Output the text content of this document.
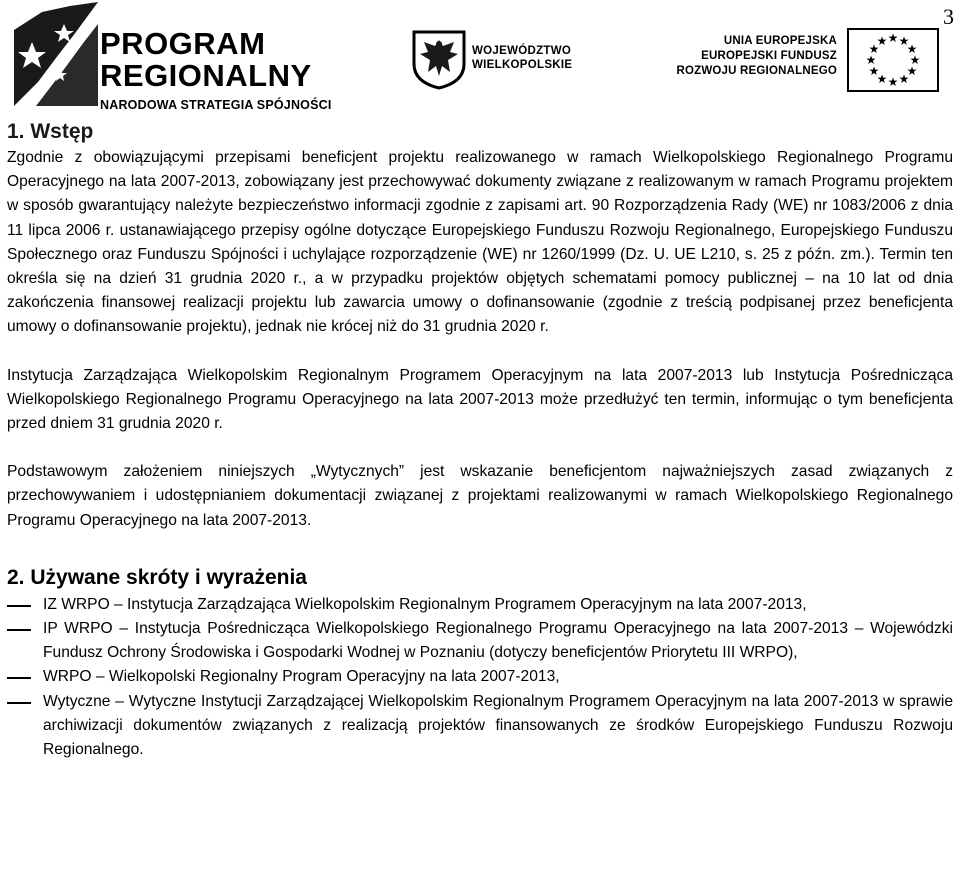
3
PROGRAM
REGIONALNY
NARODOWA STRATEGIA SPÓJNOŚCI
WOJEWÓDZTWO
WIELKOPOLSKIE
UNIA EUROPEJSKA
EUROPEJSKI FUNDUSZ
ROZWOJU REGIONALNEGO
★ ★
★
★
★
★
★
★
★
★
★
★
1. Wstęp

Zgodnie z obowiązującymi przepisami beneficjent projektu realizowanego w ramach Wielkopolskiego Regionalnego Programu Operacyjnego na lata 2007-2013, zobowiązany jest przechowywać dokumenty związane z realizowanym w ramach Programu projektem w sposób gwarantujący należyte bezpieczeństwo informacji zgodnie z zapisami art. 90 Rozporządzenia Rady (WE) nr 1083/2006 z dnia 11 lipca 2006 r. ustanawiającego przepisy ogólne dotyczące Europejskiego Funduszu Rozwoju Regionalnego, Europejskiego Funduszu Społecznego oraz Funduszu Spójności i uchylające rozporządzenie (WE) nr 1260/1999 (Dz. U. UE L210, s. 25 z późn. zm.). Termin ten określa się na dzień 31 grudnia 2020 r., a w przypadku projektów objętych schematami pomocy publicznej – na 10 lat od dnia zakończenia finansowej realizacji projektu lub zawarcia umowy o dofinansowanie (zgodnie z treścią podpisanej przez beneficjenta umowy o dofinansowanie projektu), jednak nie krócej niż do 31 grudnia 2020 r.

Instytucja Zarządzająca Wielkopolskim Regionalnym Programem Operacyjnym na lata 2007-2013 lub Instytucja Pośrednicząca Wielkopolskiego Regionalnego Programu Operacyjnego na lata 2007-2013 może przedłużyć ten termin, informując o tym beneficjenta przed dniem 31 grudnia 2020 r.

Podstawowym założeniem niniejszych „Wytycznych” jest wskazanie beneficjentom najważniejszych zasad związanych z przechowywaniem i udostępnianiem dokumentacji związanej z projektami realizowanymi w ramach Wielkopolskiego Regionalnego Programu Operacyjnego na lata 2007-2013.

2. Używane skróty i wyrażenia
IZ WRPO – Instytucja Zarządzająca Wielkopolskim Regionalnym Programem Operacyjnym na lata 2007-2013,
IP WRPO – Instytucja Pośrednicząca Wielkopolskiego Regionalnego Programu Operacyjnego na lata 2007-2013 – Wojewódzki Fundusz Ochrony Środowiska i Gospodarki Wodnej w Poznaniu (dotyczy beneficjentów Priorytetu III WRPO),
WRPO – Wielkopolski Regionalny Program Operacyjny na lata 2007-2013,
Wytyczne – Wytyczne Instytucji Zarządzającej Wielkopolskim Regionalnym Programem Operacyjnym na lata 2007-2013 w sprawie archiwizacji dokumentów związanych z realizacją projektów finansowanych ze środków Europejskiego Funduszu Rozwoju Regionalnego.
